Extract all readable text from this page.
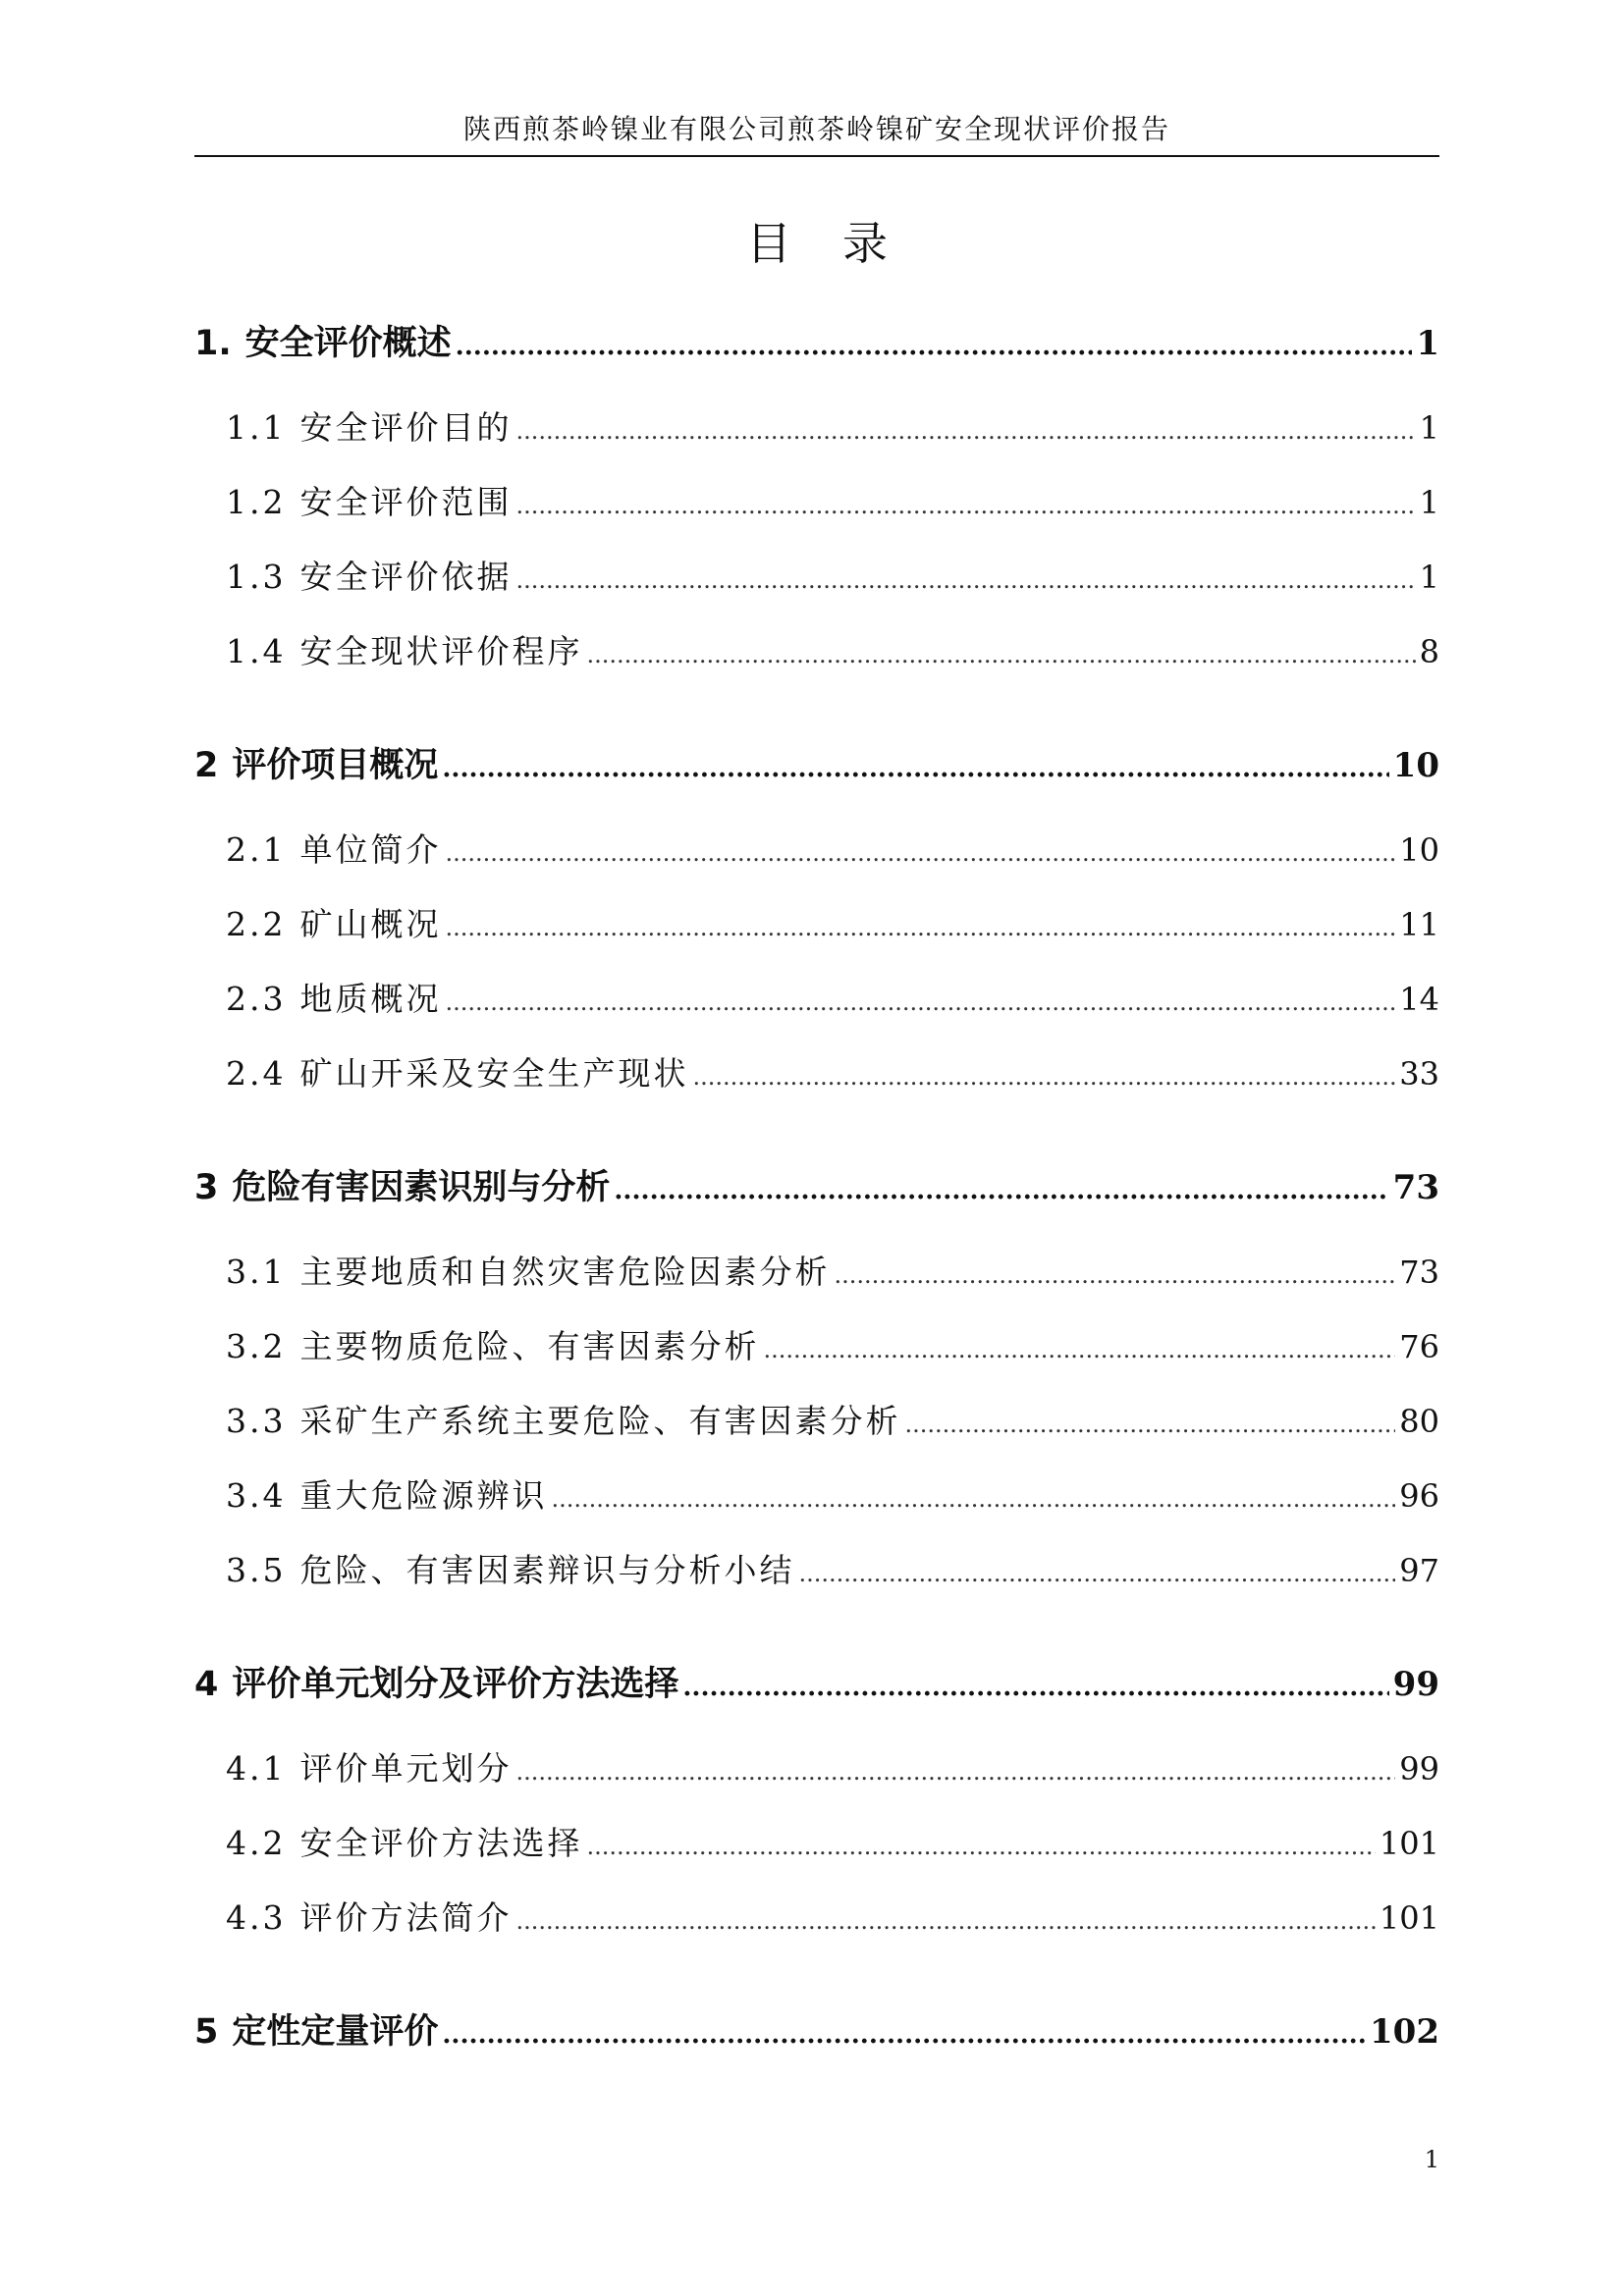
陕西煎茶岭镍业有限公司煎茶岭镍矿安全现状评价报告
目录
1. 安全评价概述 .....	1
1.1 安全评价目的 .....	1
1.2 安全评价范围 .....	1
1.3 安全评价依据 .....	1
1.4 安全现状评价程序 .....	8
2 评价项目概况 .....	10
2.1 单位简介 .....	10
2.2 矿山概况 .....	11
2.3 地质概况 .....	14
2.4 矿山开采及安全生产现状 .....	33
3 危险有害因素识别与分析 .....	73
3.1 主要地质和自然灾害危险因素分析 .....	73
3.2 主要物质危险、有害因素分析 .....	76
3.3 采矿生产系统主要危险、有害因素分析 .....	80
3.4 重大危险源辨识 .....	96
3.5 危险、有害因素辩识与分析小结 .....	97
4 评价单元划分及评价方法选择 .....	99
4.1 评价单元划分 .....	99
4.2 安全评价方法选择 .....	101
4.3 评价方法简介 .....	101
5 定性定量评价 .....	102
1
